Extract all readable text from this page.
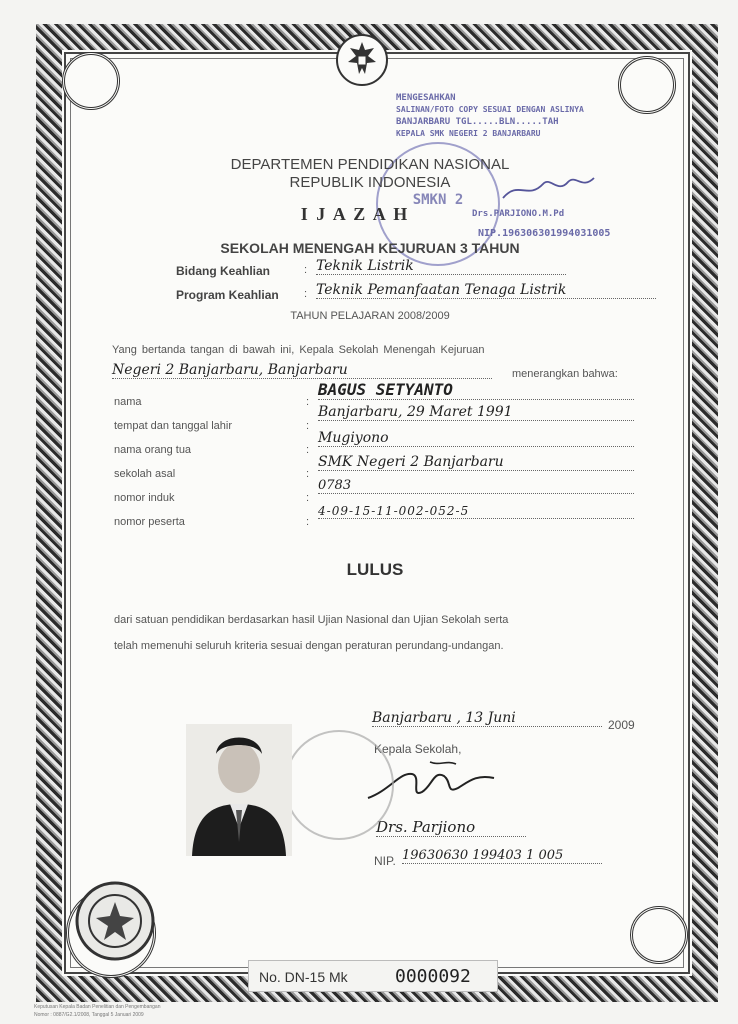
MENGESAHKAN
SALINAN/FOTO COPY SESUAI DENGAN ASLINYA
BANJARBARU TGL.....BLN.....TAH
KEPALA SMK NEGERI 2 BANJARBARU
SMKN 2
Drs.PARJIONO.M.Pd
NIP.196306301994031005
DEPARTEMEN PENDIDIKAN NASIONAL
REPUBLIK INDONESIA
I J A Z A H
SEKOLAH MENENGAH KEJURUAN 3 TAHUN
Bidang Keahlian	: Teknik Listrik
Program Keahlian : Teknik Pemanfaatan Tenaga Listrik
TAHUN PELAJARAN 2008/2009
Yang bertanda tangan di bawah ini, Kepala Sekolah Menengah Kejuruan
Negeri 2 Banjarbaru, Banjarbaru	menerangkan bahwa:
nama	:
BAGUS SETYANTO
tempat dan tanggal lahir	:
Banjarbaru, 29 Maret 1991
nama orang tua	:
Mugiyono
sekolah asal	:
SMK Negeri 2 Banjarbaru
nomor induk	:
0783
nomor peserta	:
4-09-15-11-002-052-5
LULUS
dari satuan pendidikan berdasarkan hasil Ujian Nasional dan Ujian Sekolah serta
telah memenuhi seluruh kriteria sesuai dengan peraturan perundang-undangan.
Banjarbaru , 13 Juni	2009
Kepala Sekolah,
Drs. Parjiono
NIP. 19630630 199403 1 005
No. DN-15 Mk	0000092
Keputusan Kepala Badan Penelitian dan Pengembangan
Nomor : 0887/G2.1/2008, Tanggal 5 Januari 2009
